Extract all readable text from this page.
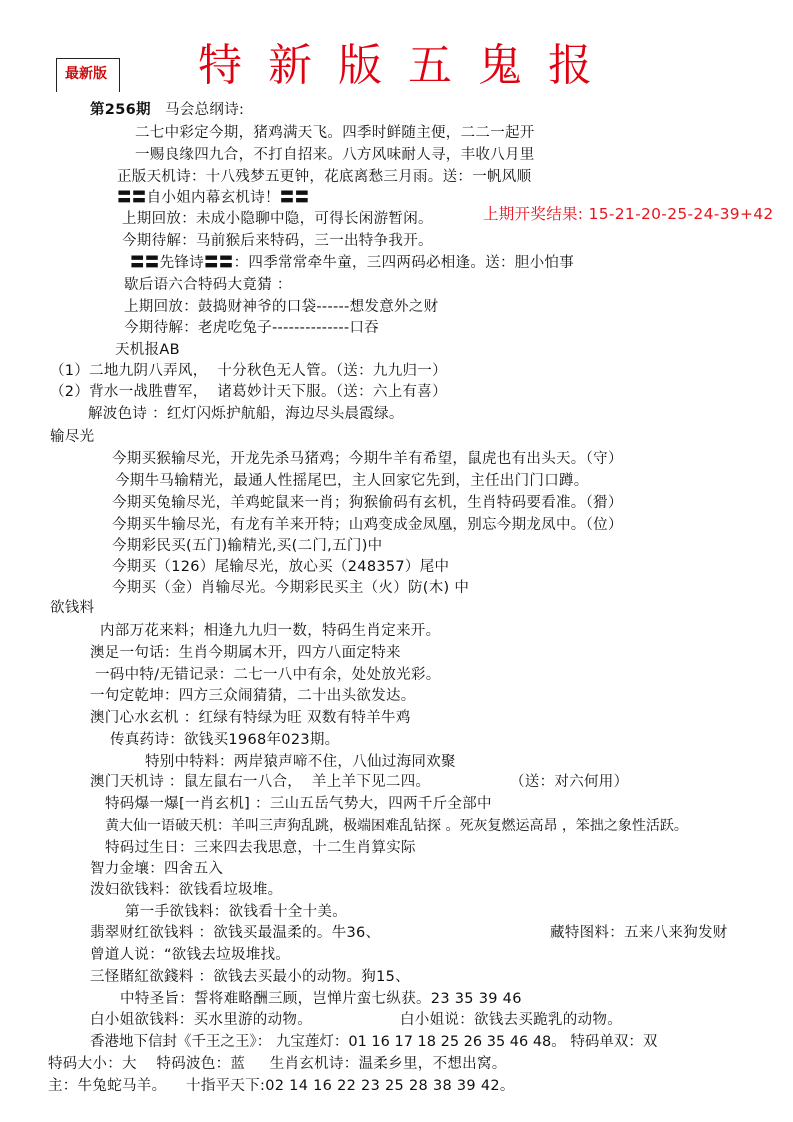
最新版 特新版五鬼报
第256期 马会总纲诗:
上期开奖结果: 15-21-20-25-24-39+42
二七中彩定今期，猪鸡满天飞。四季时鲜随主便，二二一起开
一赐良缘四九合，不打自招来。八方风味耐人寻，丰收八月里
正版天机诗：十八残梦五更钟，花底离愁三月雨。送：一帆风顺
〓〓自小姐内幕玄机诗！〓〓
上期回放：未成小隐聊中隐，可得长闲游暂闲。
今期待解：马前猴后来特码，三一出特争我开。
〓〓先锋诗〓〓：四季常常牵牛童，三四两码必相逢。送：胆小怕事
歇后语六合特码大竟猜 ：
上期回放：鼓捣财神爷的口袋------想发意外之财
今期待解：老虎吃兔子--------------口吞
天机报AB
（1）二地九阴八弄风，  十分秋色无人管。（送：九九归一）
（2）背水一战胜曹军，  诸葛妙计天下服。（送：六上有喜）
解波色诗 ：红灯闪烁护航船，海边尽头晨霞绿。
输尽光
今期买猴输尽光，开龙先杀马猪鸡；今期牛羊有希望，鼠虎也有出头天。（守）
今期牛马输精光，最通人性摇尾巴，主人回家它先到，主任出门门口蹲。
今期买兔输尽光，羊鸡蛇鼠来一肖；狗猴偷码有玄机，生肖特码要看准。（猾）
今期买牛输尽光，有龙有羊来开特；山鸡变成金凤凰，别忘今期龙凤中。（位）
今期彩民买(五门)输精光,买(二门,五门)中
今期买（126）尾输尽光，放心买（248357）尾中
今期买（金）肖输尽光。今期彩民买主（火）防(木) 中
欲钱料
内部万花来料；相逢九九归一数，特码生肖定来开。
澳足一句话：生肖今期属木开，四方八面定特来
一码中特/无错记录：二七一八中有余，处处放光彩。
一句定乾坤：四方三众闹猜猜，二十出头欲发达。
澳门心水玄机 ：红绿有特绿为旺 双数有特羊牛鸡
传真药诗：欲钱买1968年023期。
特别中特料：两岸猿声啼不住，八仙过海同欢聚
澳门天机诗 ：鼠左鼠右一八合，  羊上羊下见二四。	（送：对六何用）
特码爆一爆[一肖玄机] ：三山五岳气势大，四两千斤全部中
黄大仙一语破天机：羊叫三声狗乱跳，极端困难乱钻探 。死灰复燃运高昂 ，笨拙之象性活跃。
特码过生日：三来四去我思意，十二生肖算实际
智力金壤：四舍五入
泼妇欲钱料：欲钱看垃圾堆。
第一手欲钱料：欲钱看十全十美。
翡翠财红欲钱料 ：欲钱买最温柔的。牛36、	藏特图料：五来八来狗发财
曾道人说：“欲钱去垃圾堆找。
三怪賭紅欲錢料 ：欲钱去买最小的动物。狗15、
中特圣旨：誓将难略酬三顾，岂惮片蛮七纵获。23 35 39 46
白小姐欲钱料：买水里游的动物。	白小姐说：欲钱去买跪乳的动物。
香港地下信封《千王之王》： 九宝莲灯：01 16 17 18 25 26 35 46 48。 特码单双：双
特码大小：大    特码波色：蓝     生肖玄机诗：温柔乡里，不想出窝。
主：牛兔蛇马羊。    十指平天下:02 14 16 22 23 25 28 38 39 42。
